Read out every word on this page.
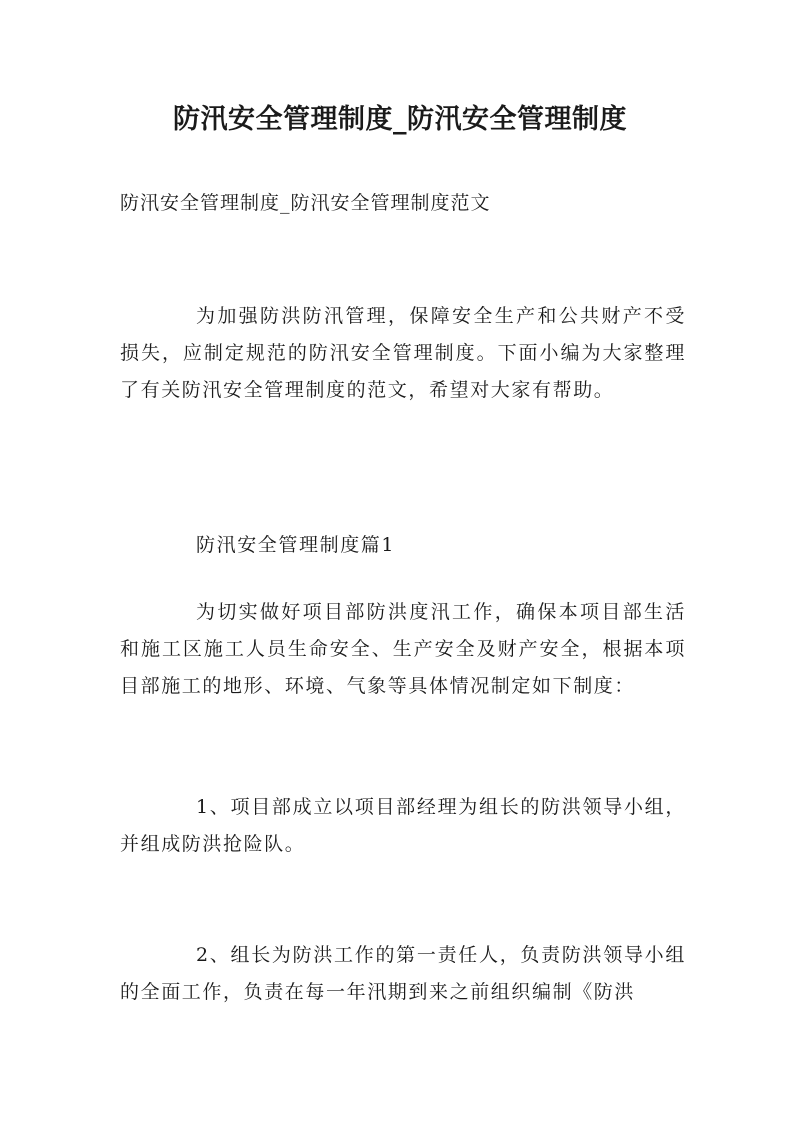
防汛安全管理制度_防汛安全管理制度
防汛安全管理制度_防汛安全管理制度范文

为加强防洪防汛管理，保障安全生产和公共财产不受损失，应制定规范的防汛安全管理制度。下面小编为大家整理了有关防汛安全管理制度的范文，希望对大家有帮助。

防汛安全管理制度篇1

为切实做好项目部防洪度汛工作，确保本项目部生活和施工区施工人员生命安全、生产安全及财产安全，根据本项目部施工的地形、环境、气象等具体情况制定如下制度：

1、项目部成立以项目部经理为组长的防洪领导小组，并组成防洪抢险队。

2、组长为防洪工作的第一责任人，负责防洪领导小组的全面工作，负责在每一年汛期到来之前组织编制《防洪
